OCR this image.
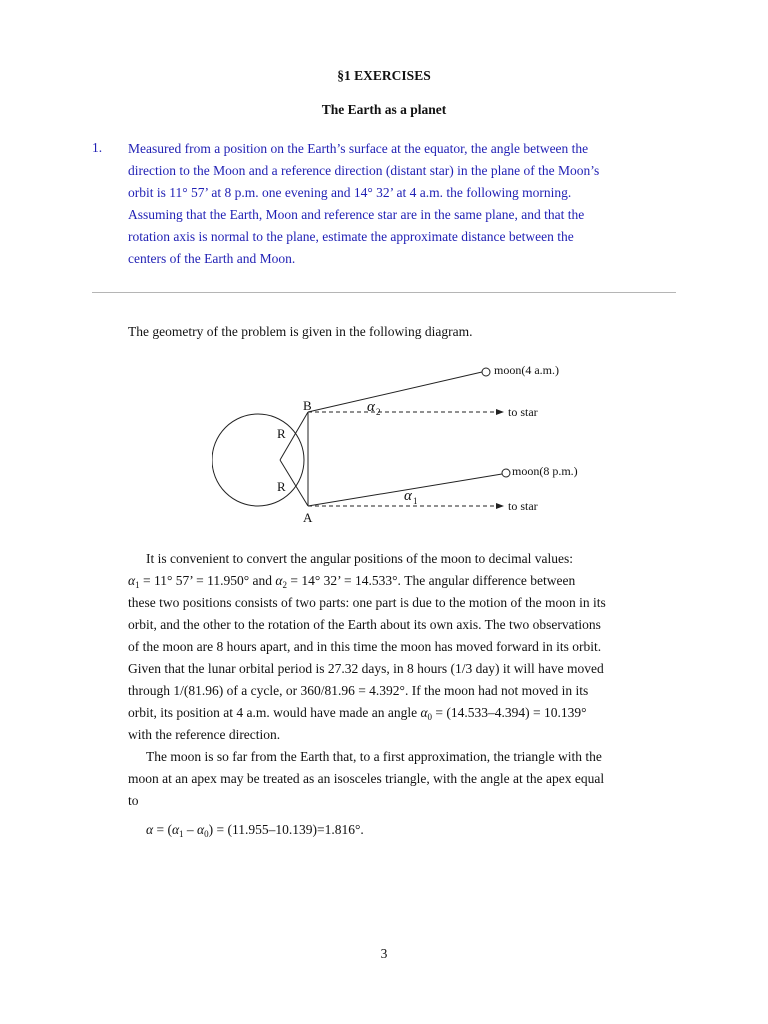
§1 EXERCISES
The Earth as a planet
1. Measured from a position on the Earth’s surface at the equator, the angle between the
direction to the Moon and a reference direction (distant star) in the plane of the Moon’s
orbit is 11° 57’ at 8 p.m. one evening and 14° 32’ at 4 a.m. the following morning.
Assuming that the Earth, Moon and reference star are in the same plane, and that the
rotation axis is normal to the plane, estimate the approximate distance between the
centers of the Earth and Moon.
The geometry of the problem is given in the following diagram.
moon(4 a.m.)
moon(8 p.m.)
to star
to star
B
A
R
R
α 2
α 1
It is convenient to convert the angular positions of the moon to decimal values:
$\alpha_1 = 11^\circ$ 57’ = 11.950° and $\alpha_2 = 14^\circ$ 32’ = 14.533°. The angular difference between
these two positions consists of two parts: one part is due to the motion of the moon in its
orbit, and the other to the rotation of the Earth about its own axis. The two observations
of the moon are 8 hours apart, and in this time the moon has moved forward in its orbit.
Given that the lunar orbital period is 27.32 days, in 8 hours (1/3 day) it will have moved
through 1/(81.96) of a cycle, or 360/81.96 = 4.392°. If the moon had not moved in its
orbit, its position at 4 a.m. would have made an angle $\alpha_0 = (14.533-4.394) = 10.139^\circ$
with the reference direction.
The moon is so far from the Earth that, to a first approximation, the triangle with the
moon at an apex may be treated as an isosceles triangle, with the angle at the apex equal
to
$\alpha = (\alpha_1 - \alpha_0) = (11.955-10.139)=1.816^\circ$.
3
